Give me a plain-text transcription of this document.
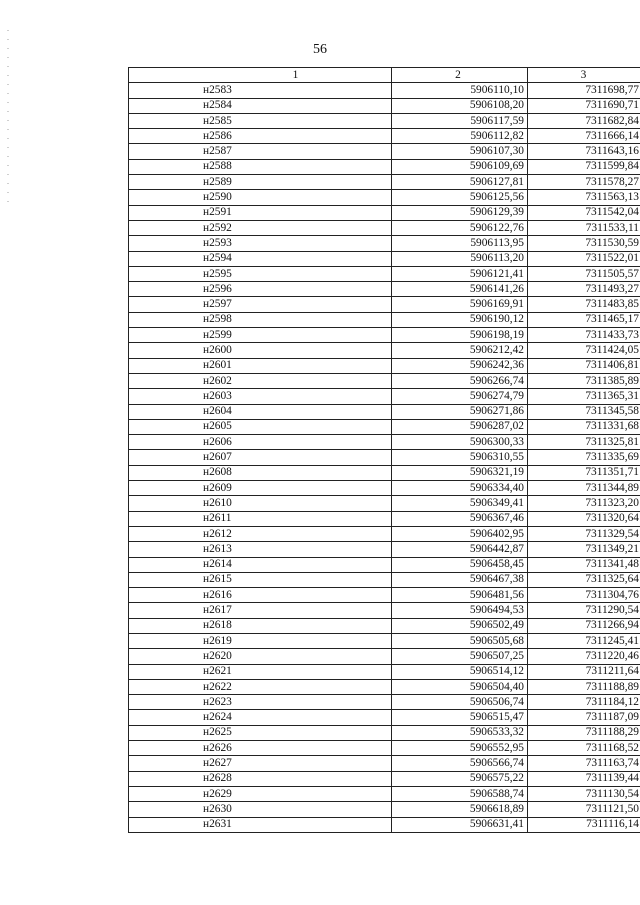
56
1	2	3
н2583	5906110,10	7311698,77
н2584	5906108,20	7311690,71
н2585	5906117,59	7311682,84
н2586	5906112,82	7311666,14
н2587	5906107,30	7311643,16
н2588	5906109,69	7311599,84
н2589	5906127,81	7311578,27
н2590	5906125,56	7311563,13
н2591	5906129,39	7311542,04
н2592	5906122,76	7311533,11
н2593	5906113,95	7311530,59
н2594	5906113,20	7311522,01
н2595	5906121,41	7311505,57
н2596	5906141,26	7311493,27
н2597	5906169,91	7311483,85
н2598	5906190,12	7311465,17
н2599	5906198,19	7311433,73
н2600	5906212,42	7311424,05
н2601	5906242,36	7311406,81
н2602	5906266,74	7311385,89
н2603	5906274,79	7311365,31
н2604	5906271,86	7311345,58
н2605	5906287,02	7311331,68
н2606	5906300,33	7311325,81
н2607	5906310,55	7311335,69
н2608	5906321,19	7311351,71
н2609	5906334,40	7311344,89
н2610	5906349,41	7311323,20
н2611	5906367,46	7311320,64
н2612	5906402,95	7311329,54
н2613	5906442,87	7311349,21
н2614	5906458,45	7311341,48
н2615	5906467,38	7311325,64
н2616	5906481,56	7311304,76
н2617	5906494,53	7311290,54
н2618	5906502,49	7311266,94
н2619	5906505,68	7311245,41
н2620	5906507,25	7311220,46
н2621	5906514,12	7311211,64
н2622	5906504,40	7311188,89
н2623	5906506,74	7311184,12
н2624	5906515,47	7311187,09
н2625	5906533,32	7311188,29
н2626	5906552,95	7311168,52
н2627	5906566,74	7311163,74
н2628	5906575,22	7311139,44
н2629	5906588,74	7311130,54
н2630	5906618,89	7311121,50
н2631	5906631,41	7311116,14
